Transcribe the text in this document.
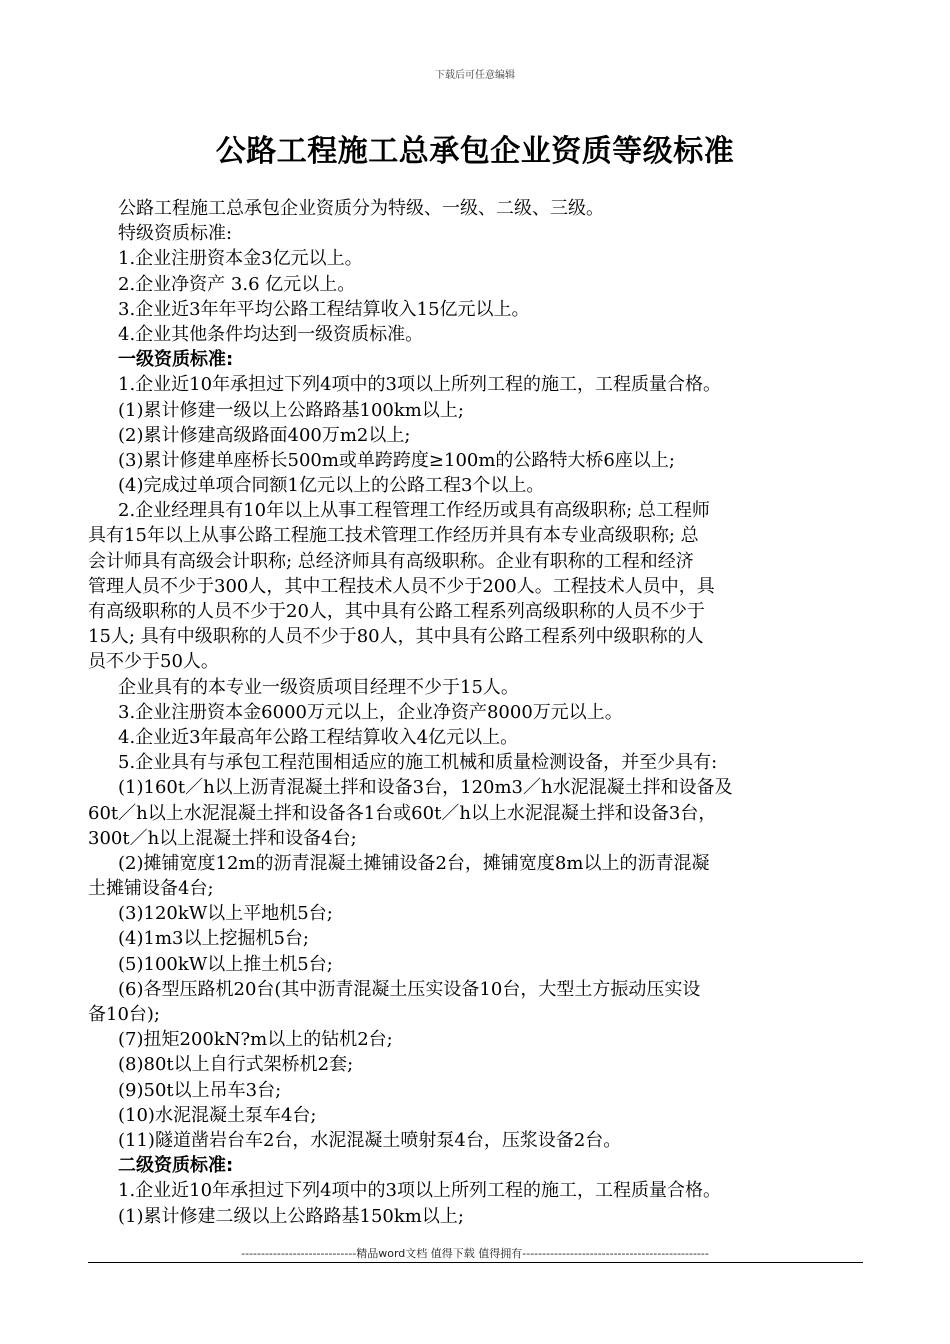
下载后可任意编辑
公路工程施工总承包企业资质等级标准
公路工程施工总承包企业资质分为特级、一级、二级、三级。
特级资质标准:
1.企业注册资本金3亿元以上。
2.企业净资产 3.6 亿元以上。
3.企业近3年年平均公路工程结算收入15亿元以上。
4.企业其他条件均达到一级资质标准。
一级资质标准:
1.企业近10年承担过下列4项中的3项以上所列工程的施工，工程质量合格。
(1)累计修建一级以上公路路基100km以上;
(2)累计修建高级路面400万m2以上;
(3)累计修建单座桥长500m或单跨跨度≥100m的公路特大桥6座以上;
(4)完成过单项合同额1亿元以上的公路工程3个以上。
2.企业经理具有10年以上从事工程管理工作经历或具有高级职称; 总工程师
具有15年以上从事公路工程施工技术管理工作经历并具有本专业高级职称; 总
会计师具有高级会计职称; 总经济师具有高级职称。企业有职称的工程和经济
管理人员不少于300人，其中工程技术人员不少于200人。工程技术人员中，具
有高级职称的人员不少于20人，其中具有公路工程系列高级职称的人员不少于
15人; 具有中级职称的人员不少于80人，其中具有公路工程系列中级职称的人
员不少于50人。
企业具有的本专业一级资质项目经理不少于15人。
3.企业注册资本金6000万元以上，企业净资产8000万元以上。
4.企业近3年最高年公路工程结算收入4亿元以上。
5.企业具有与承包工程范围相适应的施工机械和质量检测设备，并至少具有:
(1)160t／h以上沥青混凝土拌和设备3台，120m3／h水泥混凝土拌和设备及
60t／h以上水泥混凝土拌和设备各1台或60t／h以上水泥混凝土拌和设备3台，
300t／h以上混凝土拌和设备4台;
(2)摊铺宽度12m的沥青混凝土摊铺设备2台，摊铺宽度8m以上的沥青混凝
土摊铺设备4台;
(3)120kW以上平地机5台;
(4)1m3以上挖掘机5台;
(5)100kW以上推土机5台;
(6)各型压路机20台(其中沥青混凝土压实设备10台，大型土方振动压实设
备10台);
(7)扭矩200kN?m以上的钻机2台;
(8)80t以上自行式架桥机2套;
(9)50t以上吊车3台;
(10)水泥混凝土泵车4台;
(11)隧道凿岩台车2台，水泥混凝土喷射泵4台，压浆设备2台。
二级资质标准:
1.企业近10年承担过下列4项中的3项以上所列工程的施工，工程质量合格。
(1)累计修建二级以上公路路基150km以上;
-----------------------------精品word文档 值得下载 值得拥有-----------------------------------------------
